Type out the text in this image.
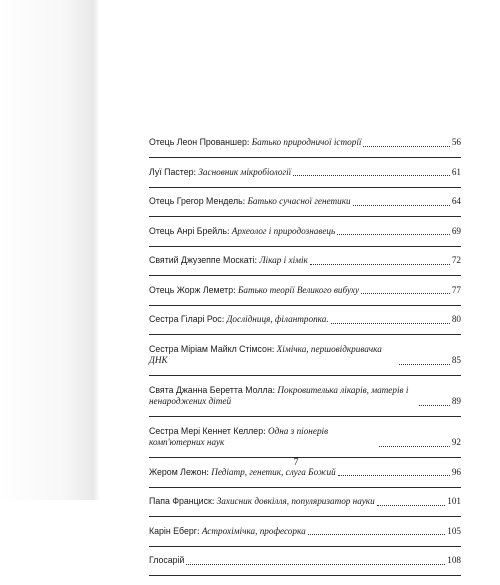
Отець Леон Прованшер: Батько природничої історії	56
Луї Пастер: Засновник мікробіології	61
Отець Грегор Мендель: Батько сучасної генетики	64
Отець Анрі Брейль: Археолог і природознавець	69
Святий Джузеппе Москаті: Лікар і хімік	72
Отець Жорж Леметр: Батько теорії Великого вибуху	77
Сестра Гіларі Рос: Дослідниця, філантропка.	80
Сестра Міріам Майкл Стімсон: Хімічка, першовідкривачка ДНК	85
Свята Джанна Беретта Молла: Покровителька лікарів, матерів і ненароджених дітей	89
Сестра Мері Кеннет Келлер: Одна з піонерів комп'ютерних наук	92
Жером Лежон: Педіатр, генетик, слуга Божий	96
Папа Франциск: Захисник довкілля, популяризатор науки	101
Карін Еберг: Астрохімічка, професорка	105
Глосарій	108
7
